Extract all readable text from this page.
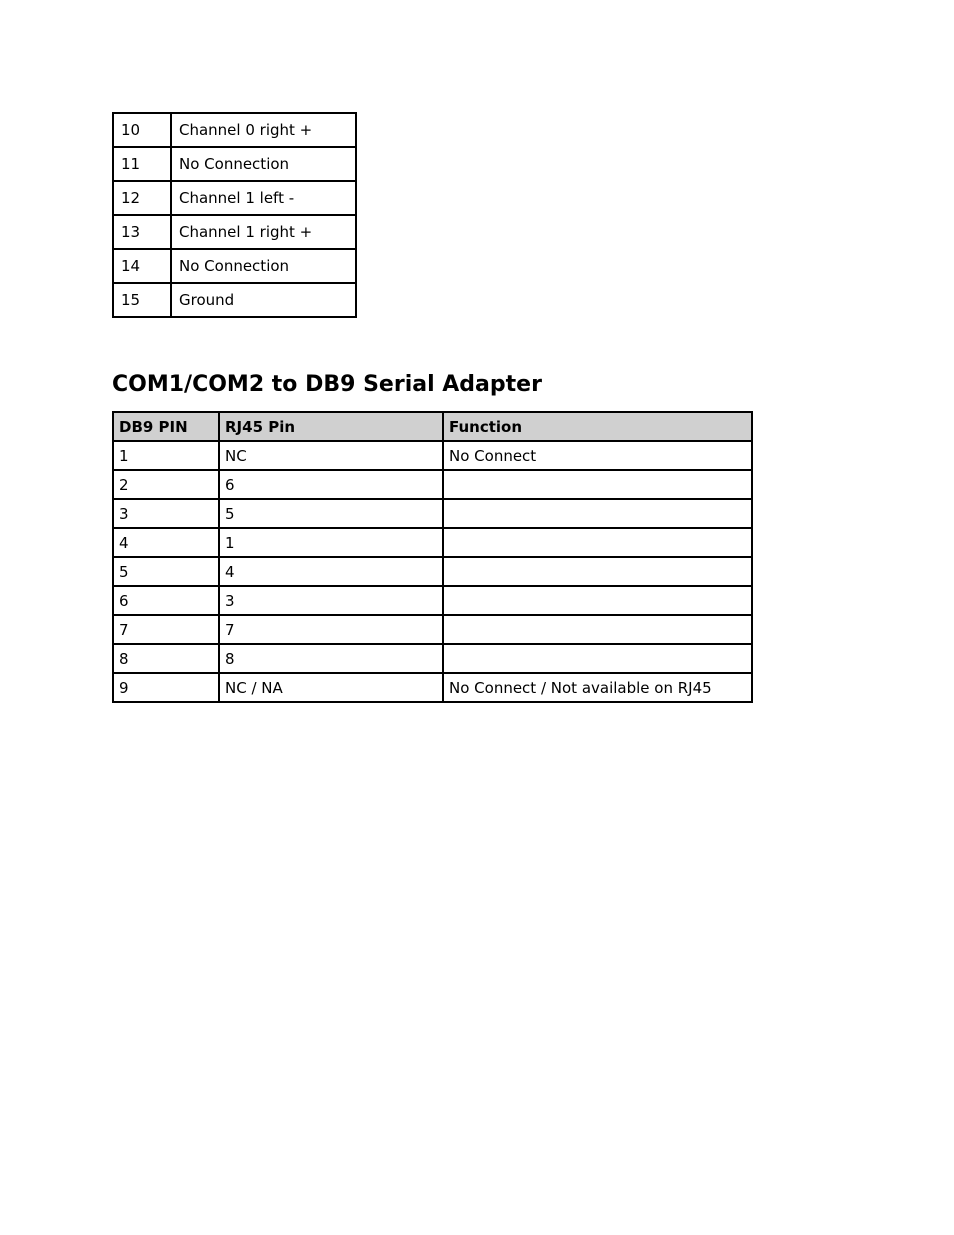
10	Channel 0 right +
11	No Connection
12	Channel 1 left -
13	Channel 1 right +
14	No Connection
15	Ground
COM1/COM2 to DB9 Serial Adapter
DB9 PIN	RJ45 Pin	Function
1	NC	No Connect
2	6	
3	5	
4	1	
5	4	
6	3	
7	7	
8	8	
9	NC / NA	No Connect / Not available on RJ45
